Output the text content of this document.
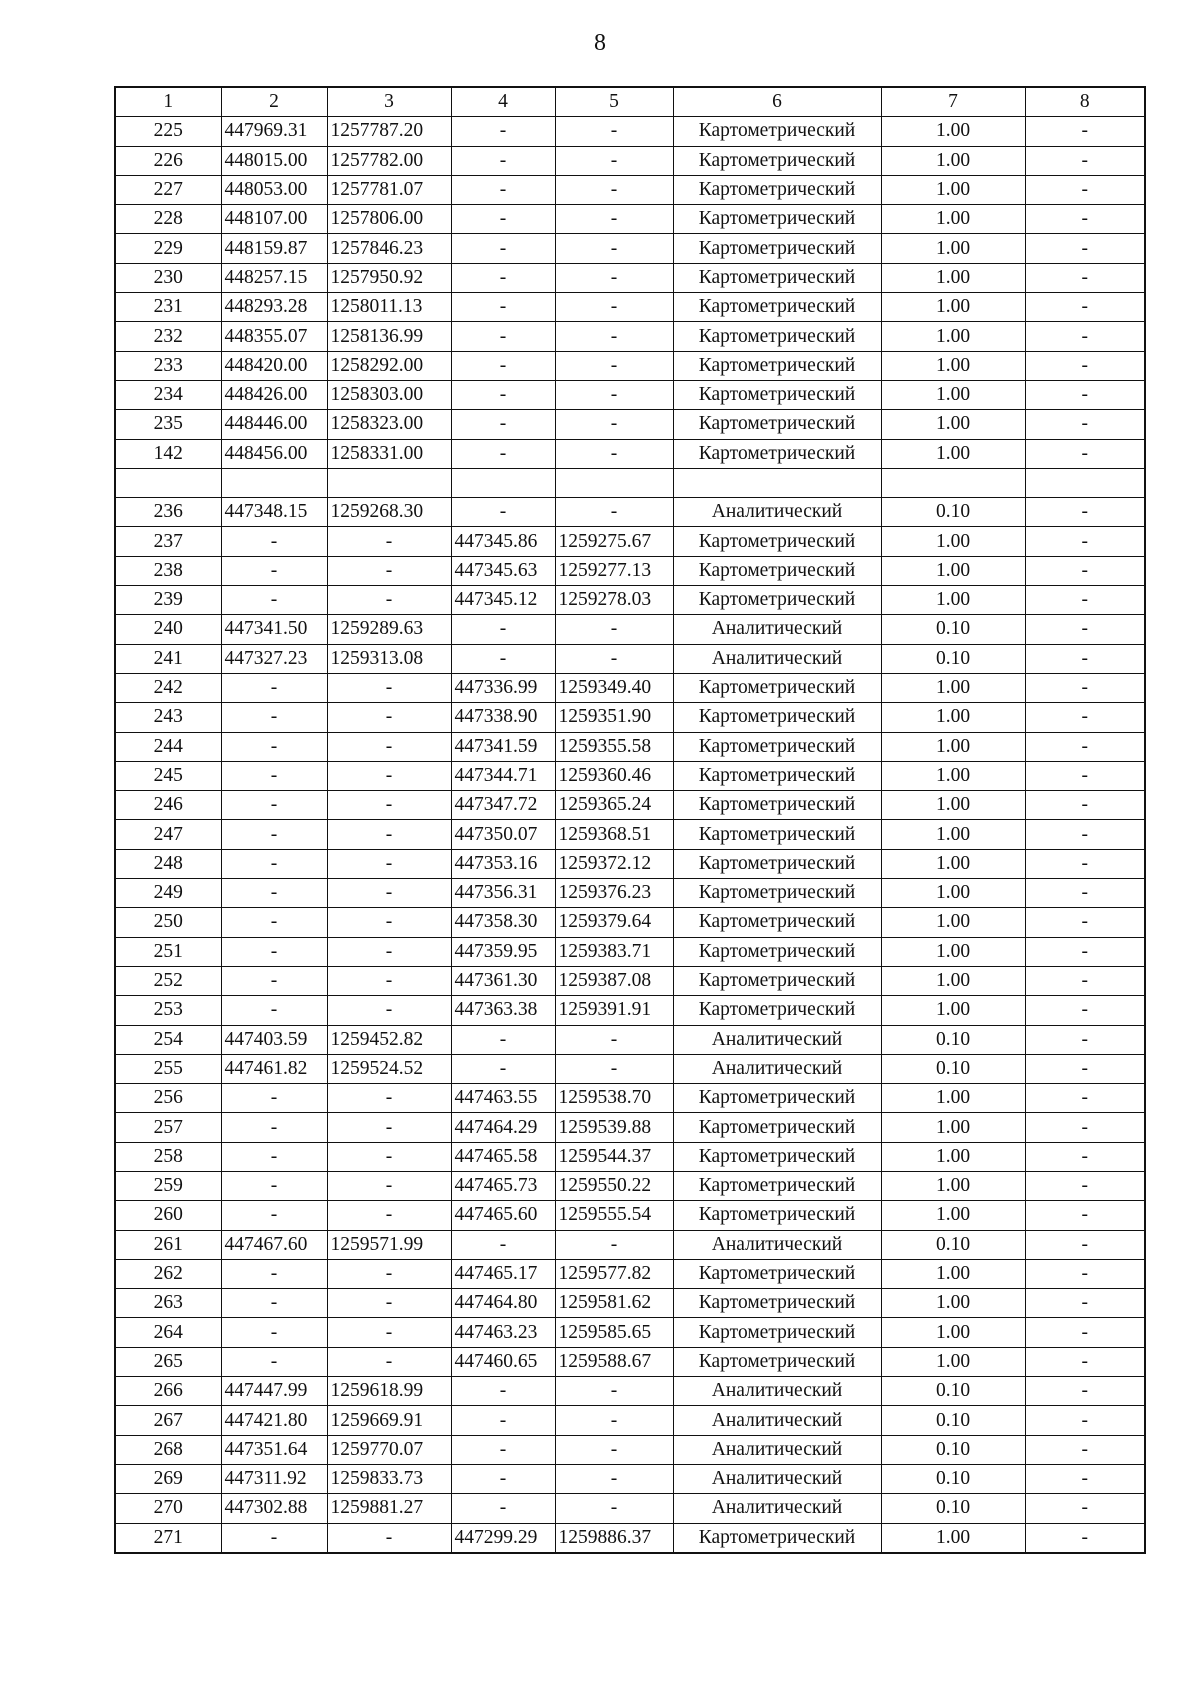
8
1	2	3	4	5	6	7	8
225	447969.31	1257787.20	-	-	Картометрический	1.00	-
226	448015.00	1257782.00	-	-	Картометрический	1.00	-
227	448053.00	1257781.07	-	-	Картометрический	1.00	-
228	448107.00	1257806.00	-	-	Картометрический	1.00	-
229	448159.87	1257846.23	-	-	Картометрический	1.00	-
230	448257.15	1257950.92	-	-	Картометрический	1.00	-
231	448293.28	1258011.13	-	-	Картометрический	1.00	-
232	448355.07	1258136.99	-	-	Картометрический	1.00	-
233	448420.00	1258292.00	-	-	Картометрический	1.00	-
234	448426.00	1258303.00	-	-	Картометрический	1.00	-
235	448446.00	1258323.00	-	-	Картометрический	1.00	-
142	448456.00	1258331.00	-	-	Картометрический	1.00	-

236	447348.15	1259268.30	-	-	Аналитический	0.10	-
237	-	-	447345.86	1259275.67	Картометрический	1.00	-
238	-	-	447345.63	1259277.13	Картометрический	1.00	-
239	-	-	447345.12	1259278.03	Картометрический	1.00	-
240	447341.50	1259289.63	-	-	Аналитический	0.10	-
241	447327.23	1259313.08	-	-	Аналитический	0.10	-
242	-	-	447336.99	1259349.40	Картометрический	1.00	-
243	-	-	447338.90	1259351.90	Картометрический	1.00	-
244	-	-	447341.59	1259355.58	Картометрический	1.00	-
245	-	-	447344.71	1259360.46	Картометрический	1.00	-
246	-	-	447347.72	1259365.24	Картометрический	1.00	-
247	-	-	447350.07	1259368.51	Картометрический	1.00	-
248	-	-	447353.16	1259372.12	Картометрический	1.00	-
249	-	-	447356.31	1259376.23	Картометрический	1.00	-
250	-	-	447358.30	1259379.64	Картометрический	1.00	-
251	-	-	447359.95	1259383.71	Картометрический	1.00	-
252	-	-	447361.30	1259387.08	Картометрический	1.00	-
253	-	-	447363.38	1259391.91	Картометрический	1.00	-
254	447403.59	1259452.82	-	-	Аналитический	0.10	-
255	447461.82	1259524.52	-	-	Аналитический	0.10	-
256	-	-	447463.55	1259538.70	Картометрический	1.00	-
257	-	-	447464.29	1259539.88	Картометрический	1.00	-
258	-	-	447465.58	1259544.37	Картометрический	1.00	-
259	-	-	447465.73	1259550.22	Картометрический	1.00	-
260	-	-	447465.60	1259555.54	Картометрический	1.00	-
261	447467.60	1259571.99	-	-	Аналитический	0.10	-
262	-	-	447465.17	1259577.82	Картометрический	1.00	-
263	-	-	447464.80	1259581.62	Картометрический	1.00	-
264	-	-	447463.23	1259585.65	Картометрический	1.00	-
265	-	-	447460.65	1259588.67	Картометрический	1.00	-
266	447447.99	1259618.99	-	-	Аналитический	0.10	-
267	447421.80	1259669.91	-	-	Аналитический	0.10	-
268	447351.64	1259770.07	-	-	Аналитический	0.10	-
269	447311.92	1259833.73	-	-	Аналитический	0.10	-
270	447302.88	1259881.27	-	-	Аналитический	0.10	-
271	-	-	447299.29	1259886.37	Картометрический	1.00	-
